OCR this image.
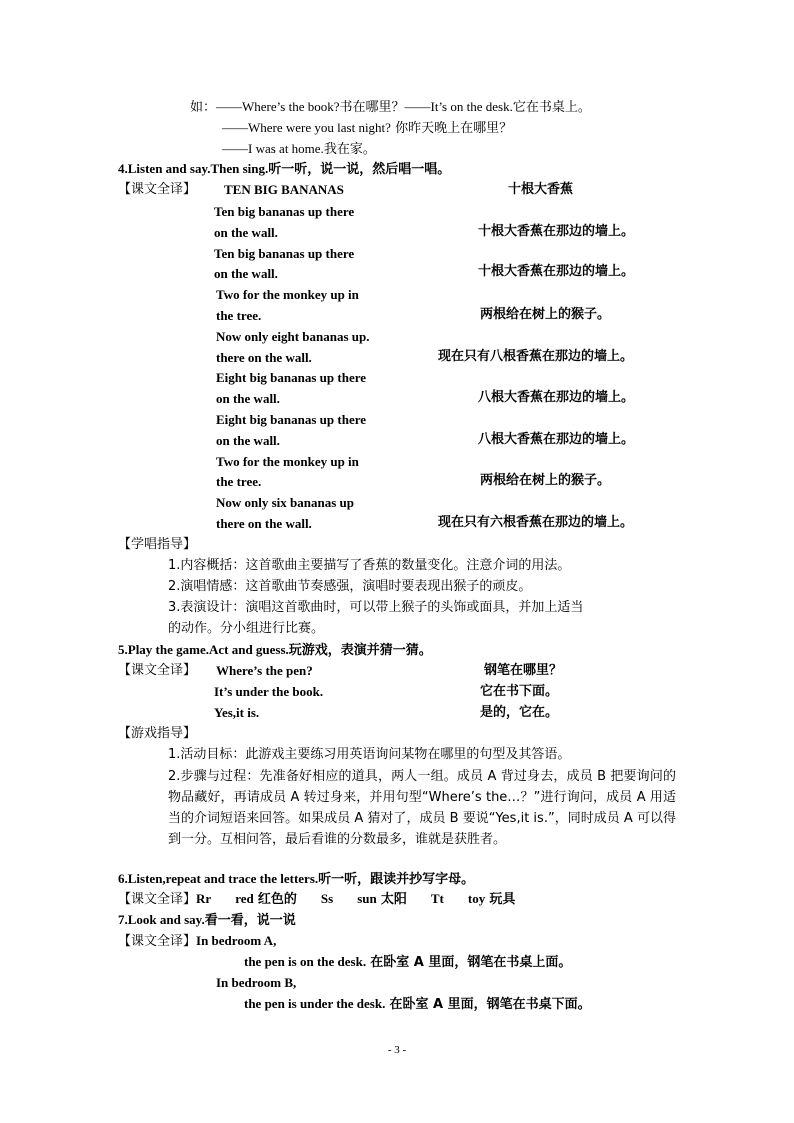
如：——Where’s the book?书在哪里？——It’s on the desk.它在书桌上。
——Where were you last night? 你昨天晚上在哪里？
——I was at home.我在家。
4.Listen and say.Then sing.听一听，说一说，然后唱一唱。
【课文全译】 TEN BIG BANANAS	十根大香蕉
Ten big bananas up there
on the wall.	十根大香蕉在那边的墙上。
Ten big bananas up there
on the wall.	十根大香蕉在那边的墙上。
Two for the monkey up in
the tree.	两根给在树上的猴子。
Now only eight bananas up.
there on the wall.	现在只有八根香蕉在那边的墙上。
Eight big bananas up there
on the wall.	八根大香蕉在那边的墙上。
Eight big bananas up there
on the wall.	八根大香蕉在那边的墙上。
Two for the monkey up in
the tree.	两根给在树上的猴子。
Now only six bananas up
there on the wall.	现在只有六根香蕉在那边的墙上。
【学唱指导】
1.内容概括：这首歌曲主要描写了香蕉的数量变化。注意介词的用法。
2.演唱情感：这首歌曲节奏感强，演唱时要表现出猴子的顽皮。
3.表演设计：演唱这首歌曲时，可以带上猴子的头饰或面具，并加上适当
的动作。分小组进行比赛。
5.Play the game.Act and guess.玩游戏，表演并猜一猜。
【课文全译】 Where’s the pen?	钢笔在哪里？
It’s under the book.	它在书下面。
Yes,it is.	是的，它在。
【游戏指导】
1.活动目标：此游戏主要练习用英语询问某物在哪里的句型及其答语。
2.步骤与过程：先准备好相应的道具，两人一组。成员 A 背过身去，成员 B 把要询问的物品藏好，再请成员 A 转过身来，并用句型“Where’s the…？”进行询问，成员 A 用适当的介词短语来回答。如果成员 A 猜对了，成员 B 要说“Yes,it is.”，同时成员 A 可以得到一分。互相问答，最后看谁的分数最多，谁就是获胜者。
6.Listen,repeat and trace the letters.听一听，跟读并抄写字母。
【课文全译】Rr red 红色的 Ss sun 太阳 Tt toy 玩具
7.Look and say.看一看，说一说
【课文全译】In bedroom A,
the pen is on the desk. 在卧室 A 里面，钢笔在书桌上面。
In bedroom B,
the pen is under the desk. 在卧室 A 里面，钢笔在书桌下面。
- 3 -
